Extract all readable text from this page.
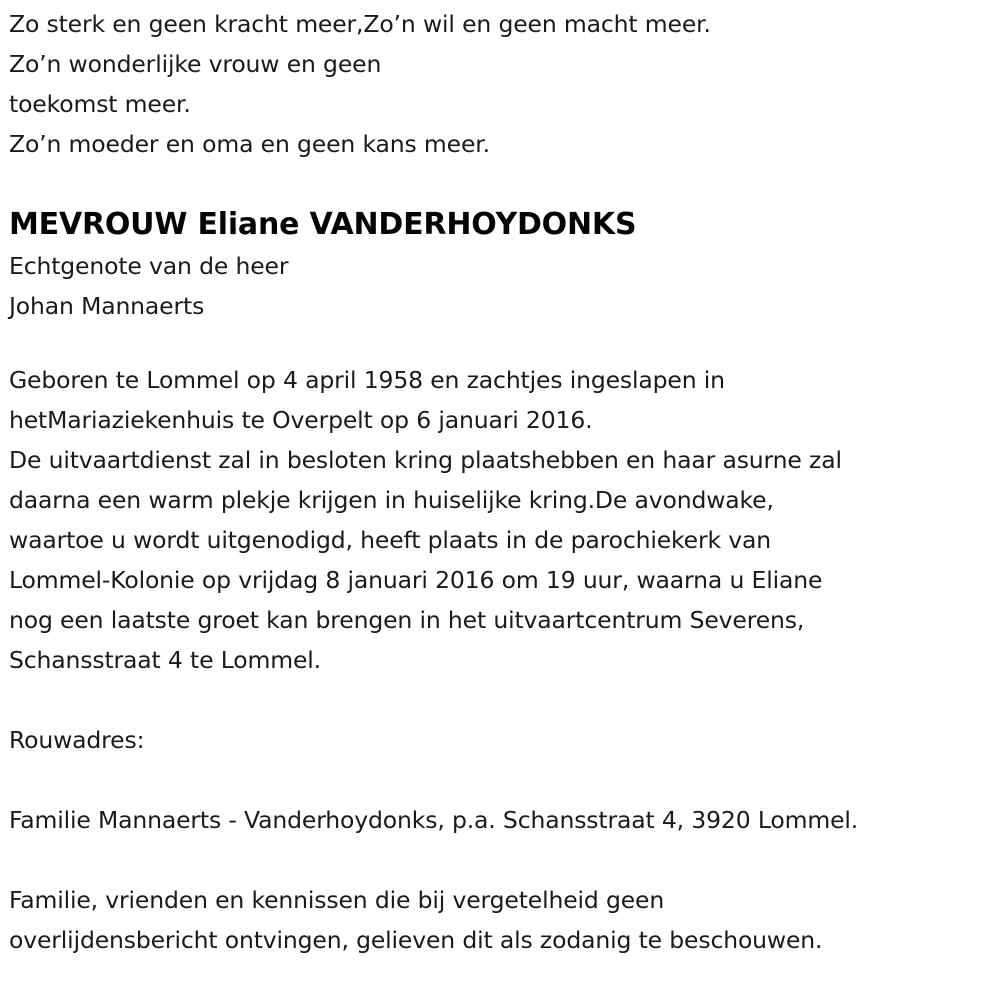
Zo sterk en geen kracht meer,Zo’n wil en geen macht meer.
Zo’n wonderlijke vrouw en geen
toekomst meer.
Zo’n moeder en oma en geen kans meer.
MEVROUW Eliane VANDERHOYDONKS
Echtgenote van de heer
Johan Mannaerts
Geboren te Lommel op 4 april 1958 en zachtjes ingeslapen in
hetMariaziekenhuis te Overpelt op 6 januari 2016.
De uitvaartdienst zal in besloten kring plaatshebben en haar asurne zal
daarna een warm plekje krijgen in huiselijke kring.De avondwake,
waartoe u wordt uitgenodigd, heeft plaats in de parochiekerk van
Lommel-Kolonie op vrijdag 8 januari 2016 om 19 uur, waarna u Eliane
nog een laatste groet kan brengen in het uitvaartcentrum Severens,
Schansstraat 4 te Lommel.
Rouwadres:
Familie Mannaerts - Vanderhoydonks, p.a. Schansstraat 4, 3920 Lommel.
Familie, vrienden en kennissen die bij vergetelheid geen
overlijdensbericht ontvingen, gelieven dit als zodanig te beschouwen.
